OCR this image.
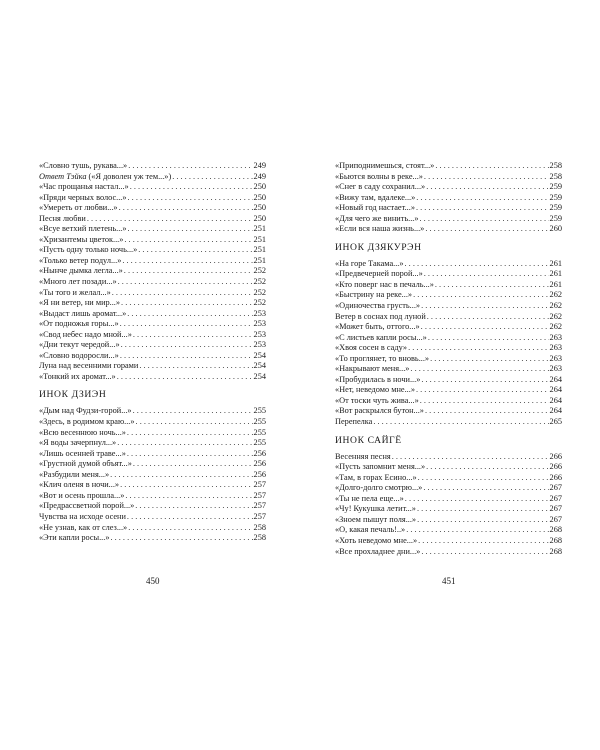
«Словно тушь, рукава...» . . .	249
Ответ Тэйка («Я доволен уж тем...») . . .	249
«Час прощанья настал...» . . .	250
«Пряди черных волос...» . . .	250
«Умереть от любви...» . . .	250
Песня любви . . .	250
«Всуе ветхий плетень...» . . .	251
«Хризантемы цветок...» . . .	251
«Пусть одну только ночь...» . . .	251
«Только ветер подул...» . . .	251
«Нынче дымка легла...» . . .	252
«Много лет позади...» . . .	252
«Ты того и желал...» . . .	252
«Я ни ветер, ни мир...» . . .	252
«Выдаст лишь аромат...» . . .	253
«От подножья горы...» . . .	253
«Свод небес надо мной...» . . .	253
«Дни текут чередой...» . . .	253
«Словно водоросли...» . . .	254
Луна над весенними горами . . .	254
«Тонкий их аромат...» . . .	254
ИНОК ДЗИЭН
«Дым над Фудзи-горой...» . . .	255
«Здесь, в родимом краю...» . . .	255
«Всю весеннюю ночь...» . . .	255
«Я воды зачерпнул...» . . .	255
«Лишь осенней траве...» . . .	256
«Грустной думой объят...» . . .	256
«Разбудили меня...» . . .	256
«Клич оленя в ночи...» . . .	257
«Вот и осень прошла...» . . .	257
«Предрассветной порой...» . . .	257
Чувства на исходе осени . . .	257
«Не узнав, как от слез...» . . .	258
«Эти капли росы...» . . .	258
«Приподнимешься, стоят...» . . .	258
«Бьются волны в реке...» . . .	258
«Снег в саду сохранил...» . . .	259
«Вижу там, вдалеке...» . . .	259
«Новый год настает...» . . .	259
«Для чего же винить...» . . .	259
«Если вся наша жизнь...» . . .	260
ИНОК ДЗЯКУРЭН
«На горе Такама...» . . .	261
«Предвечерней порой...» . . .	261
«Кто поверг нас в печаль...» . . .	261
«Быстрину на реке...» . . .	262
«Одиночества грусть...» . . .	262
Ветер в соснах под луной . . .	262
«Может быть, оттого...» . . .	262
«С листьев капли росы...» . . .	263
«Хвоя сосен в саду» . . .	263
«То проглянет, то вновь...» . . .	263
«Накрывают меня...» . . .	263
«Пробудилась в ночи...» . . .	264
«Нет, неведомо мне...» . . .	264
«От тоски чуть жива...» . . .	264
«Вот раскрылся бутон...» . . .	264
Перепелка . . .	265
ИНОК САЙГЁ
Весенняя песня . . .	266
«Пусть запомнит меня...» . . .	266
«Там, в горах Есино...» . . .	266
«Долго-долго смотрю...» . . .	267
«Ты не пела еще...» . . .	267
«Чу! Кукушка летит...» . . .	267
«Зноем пышут поля...» . . .	267
«О, какая печаль!..» . . .	268
«Хоть неведомо мне...» . . .	268
«Все прохладнее дни...» . . .	268
450	451
